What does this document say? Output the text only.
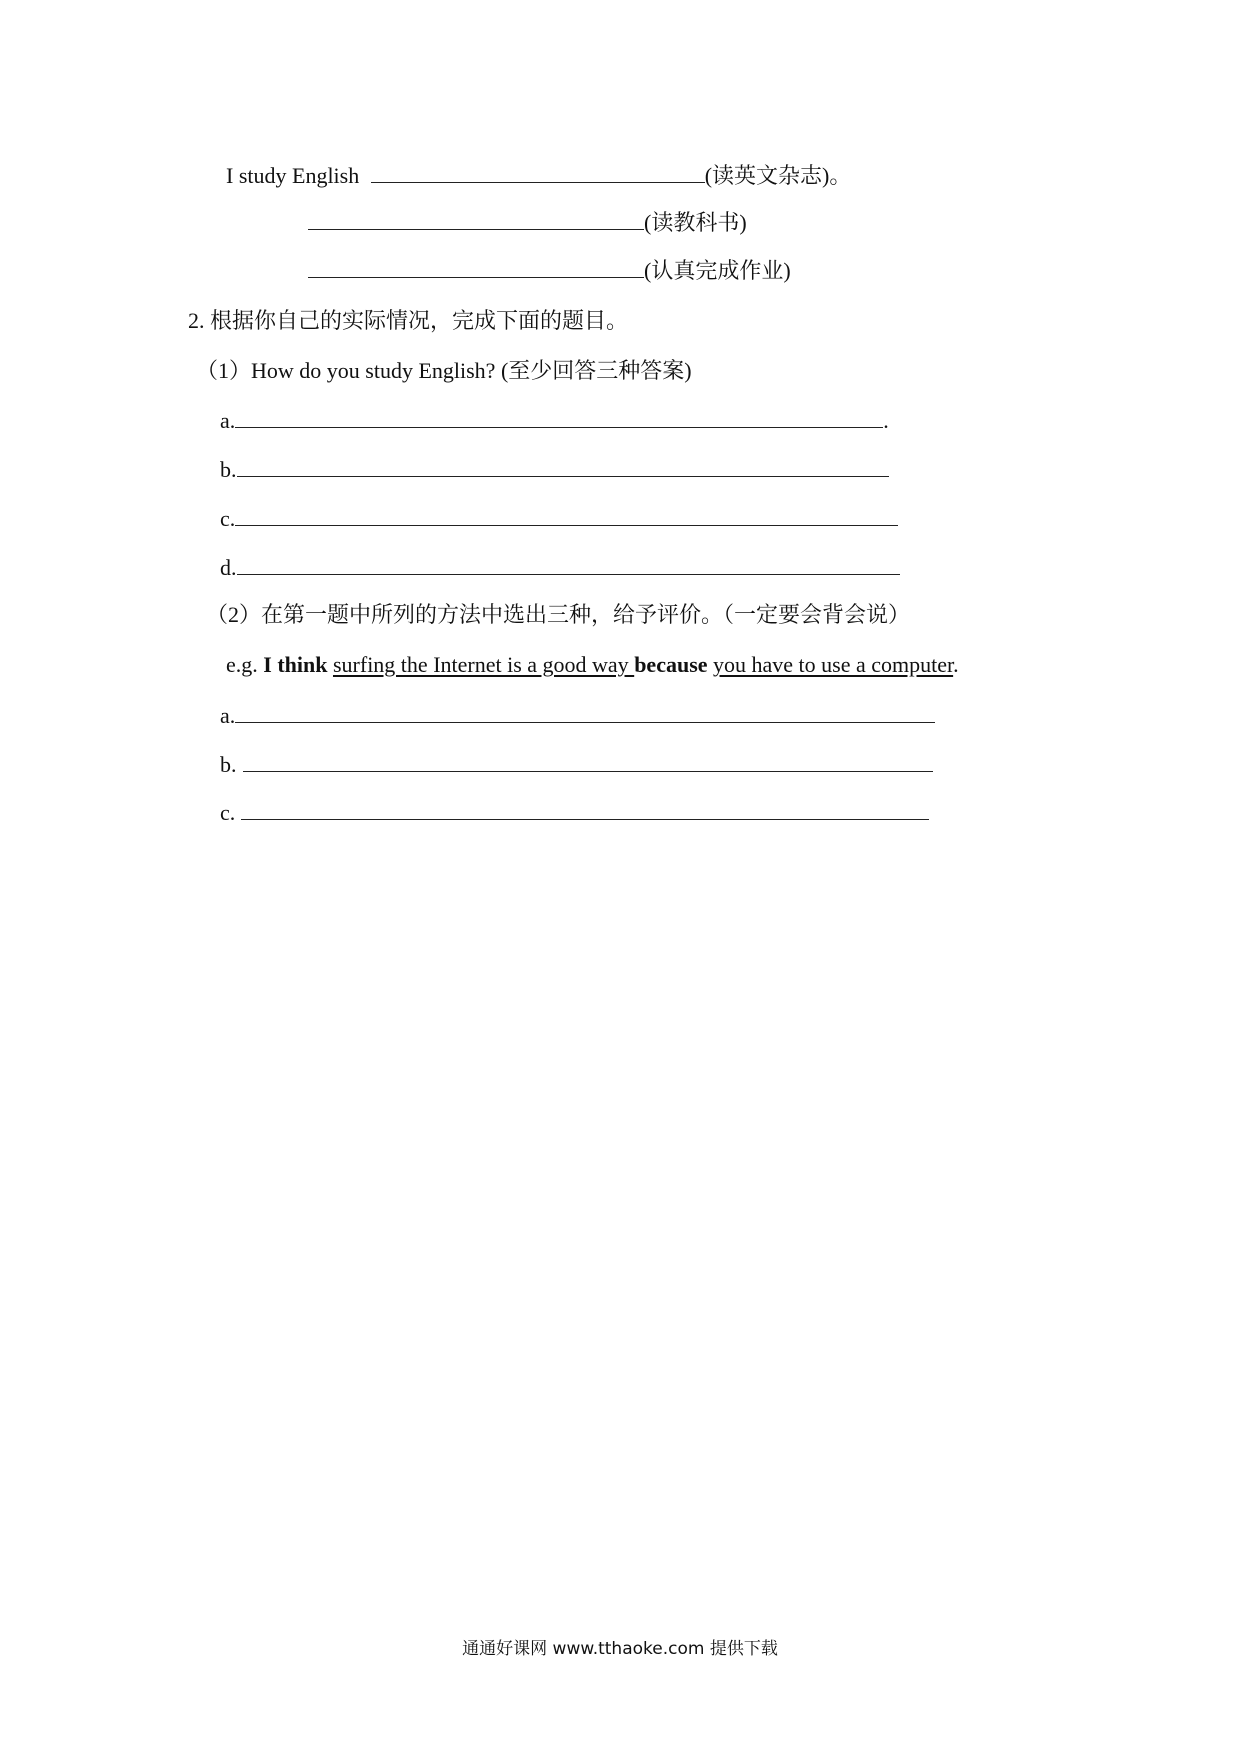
I study English	(读英文杂志)。
(读教科书)
(认真完成作业)
2. 根据你自己的实际情况，完成下面的题目。
（1）How do you study English? (至少回答三种答案)
a.	.
b.
c.
d.
（2）在第一题中所列的方法中选出三种，给予评价。（一定要会背会说）
e.g. I think surfing the Internet is a good way because you have to use a computer.
a.
b.
c.
通通好课网 www.tthaoke.com 提供下载
